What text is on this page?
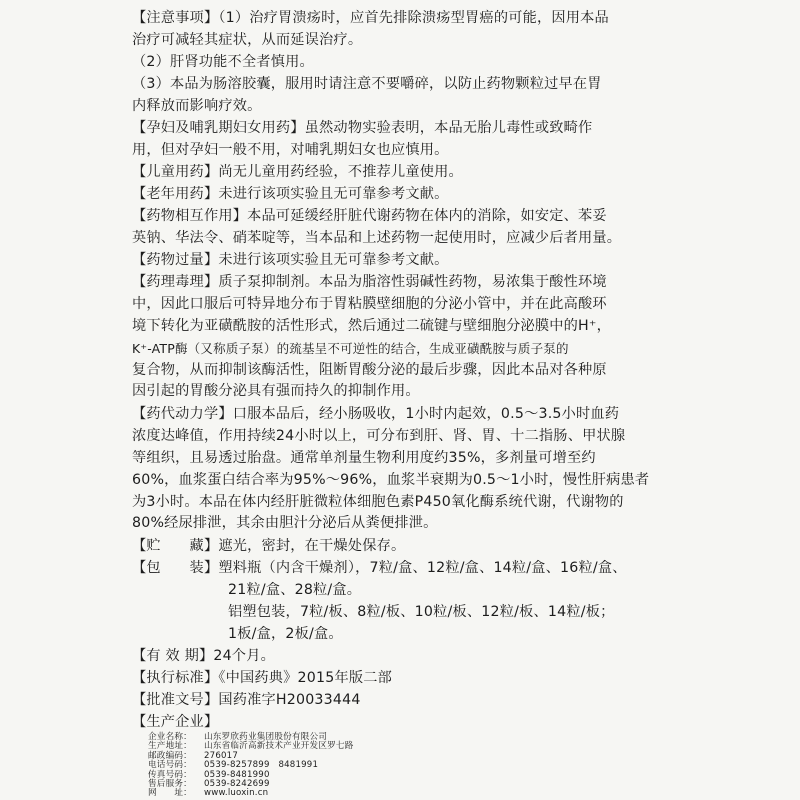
【注意事项】（1）治疗胃溃疡时，应首先排除溃疡型胃癌的可能，因用本品
治疗可减轻其症状，从而延误治疗。
（2）肝肾功能不全者慎用。
（3）本品为肠溶胶囊，服用时请注意不要嚼碎，以防止药物颗粒过早在胃
内释放而影响疗效。
【孕妇及哺乳期妇女用药】虽然动物实验表明，本品无胎儿毒性或致畸作
用，但对孕妇一般不用，对哺乳期妇女也应慎用。
【儿童用药】尚无儿童用药经验，不推荐儿童使用。
【老年用药】未进行该项实验且无可靠参考文献。
【药物相互作用】本品可延缓经肝脏代谢药物在体内的消除，如安定、苯妥
英钠、华法令、硝苯啶等，当本品和上述药物一起使用时，应减少后者用量。
【药物过量】未进行该项实验且无可靠参考文献。
【药理毒理】质子泵抑制剂。本品为脂溶性弱碱性药物，易浓集于酸性环境
中，因此口服后可特异地分布于胃粘膜壁细胞的分泌小管中，并在此高酸环
境下转化为亚磺酰胺的活性形式，然后通过二硫键与壁细胞分泌膜中的H⁺，
K⁺-ATP酶（又称质子泵）的巯基呈不可逆性的结合，生成亚磺酰胺与质子泵的
复合物，从而抑制该酶活性，阻断胃酸分泌的最后步骤，因此本品对各种原
因引起的胃酸分泌具有强而持久的抑制作用。
【药代动力学】口服本品后，经小肠吸收，1小时内起效，0.5～3.5小时血药
浓度达峰值，作用持续24小时以上，可分布到肝、肾、胃、十二指肠、甲状腺
等组织，且易透过胎盘。通常单剂量生物利用度约35%，多剂量可增至约
60%，血浆蛋白结合率为95%～96%，血浆半衰期为0.5～1小时，慢性肝病患者
为3小时。本品在体内经肝脏微粒体细胞色素P450氧化酶系统代谢，代谢物的
80%经尿排泄，其余由胆汁分泌后从粪便排泄。
【贮　　藏】遮光，密封，在干燥处保存。
【包　　装】塑料瓶（内含干燥剂），7粒/盒、12粒/盒、14粒/盒、16粒/盒、
21粒/盒、28粒/盒。
铝塑包装，7粒/板、8粒/板、10粒/板、12粒/板、14粒/板；
1板/盒，2板/盒。
【有 效 期】24个月。
【执行标准】《中国药典》2015年版二部
【批准文号】国药准字H20033444
【生产企业】
企业名称： 山东罗欣药业集团股份有限公司
生产地址： 山东省临沂高新技术产业开发区罗七路
邮政编码： 276017
电话号码： 0539-8257899　8481991
传真号码： 0539-8481990
售后服务： 0539-8242699
网　　址： www.luoxin.cn
